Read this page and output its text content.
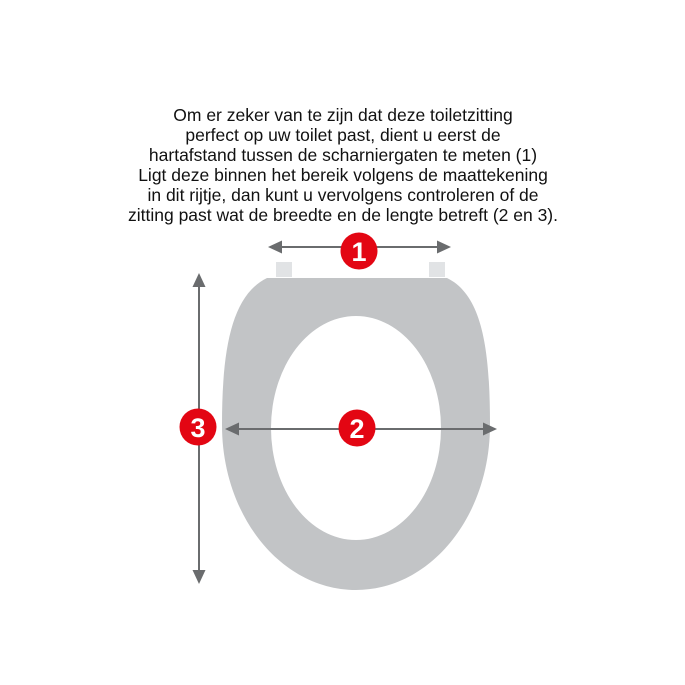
Om er zeker van te zijn dat deze toiletzitting
perfect op uw toilet past, dient u eerst de
hartafstand tussen de scharniergaten te meten (1)
Ligt deze binnen het bereik volgens de maattekening
in dit rijtje, dan kunt u vervolgens controleren of de
zitting past wat de breedte en de lengte betreft (2 en 3).
1
2
3
